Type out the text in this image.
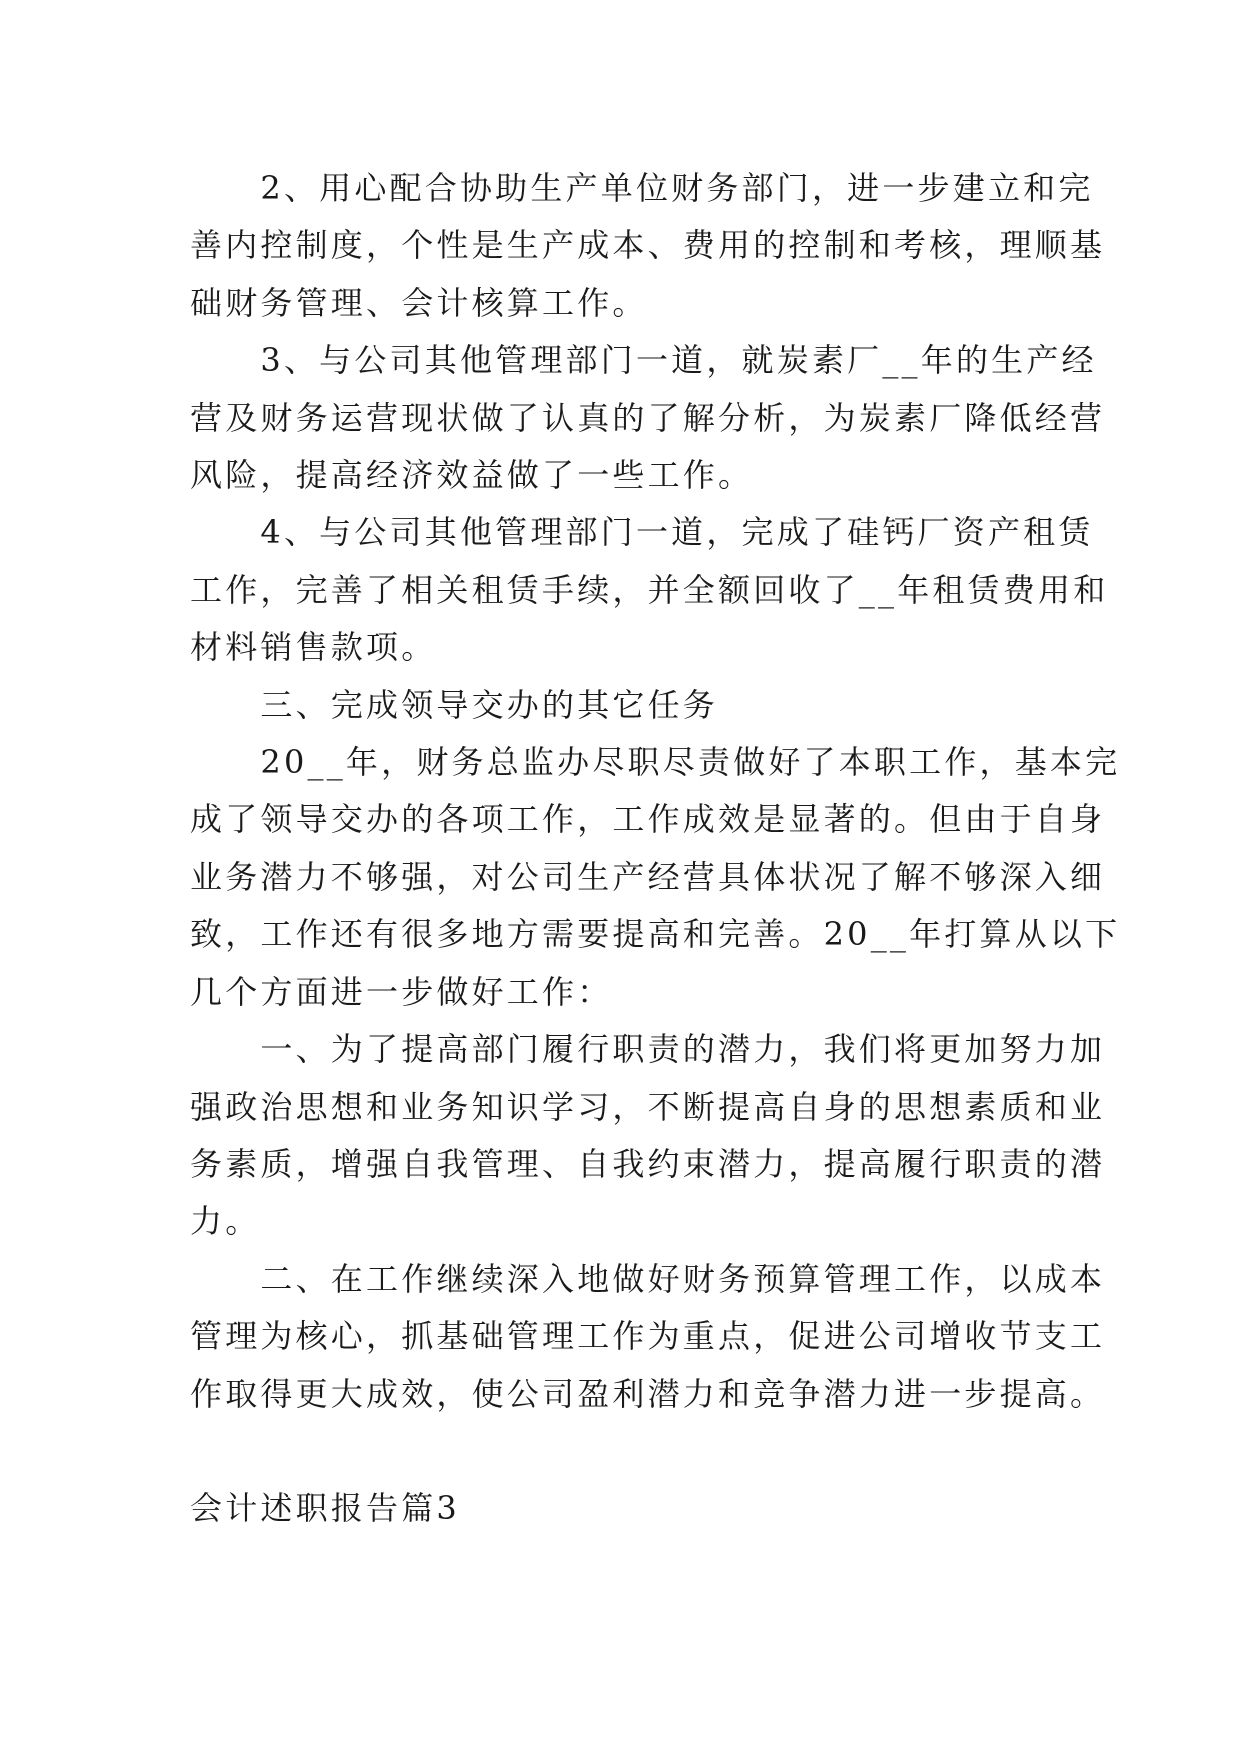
　　2、用心配合协助生产单位财务部门，进一步建立和完
善内控制度，个性是生产成本、费用的控制和考核，理顺基
础财务管理、会计核算工作。
　　3、与公司其他管理部门一道，就炭素厂__年的生产经
营及财务运营现状做了认真的了解分析，为炭素厂降低经营
风险，提高经济效益做了一些工作。
　　4、与公司其他管理部门一道，完成了硅钙厂资产租赁
工作，完善了相关租赁手续，并全额回收了__年租赁费用和
材料销售款项。
　　三、完成领导交办的其它任务
　　20__年，财务总监办尽职尽责做好了本职工作，基本完
成了领导交办的各项工作，工作成效是显著的。但由于自身
业务潜力不够强，对公司生产经营具体状况了解不够深入细
致，工作还有很多地方需要提高和完善。20__年打算从以下
几个方面进一步做好工作：
　　一、为了提高部门履行职责的潜力，我们将更加努力加
强政治思想和业务知识学习，不断提高自身的思想素质和业
务素质，增强自我管理、自我约束潜力，提高履行职责的潜
力。
　　二、在工作继续深入地做好财务预算管理工作，以成本
管理为核心，抓基础管理工作为重点，促进公司增收节支工
作取得更大成效，使公司盈利潜力和竞争潜力进一步提高。
会计述职报告篇3
